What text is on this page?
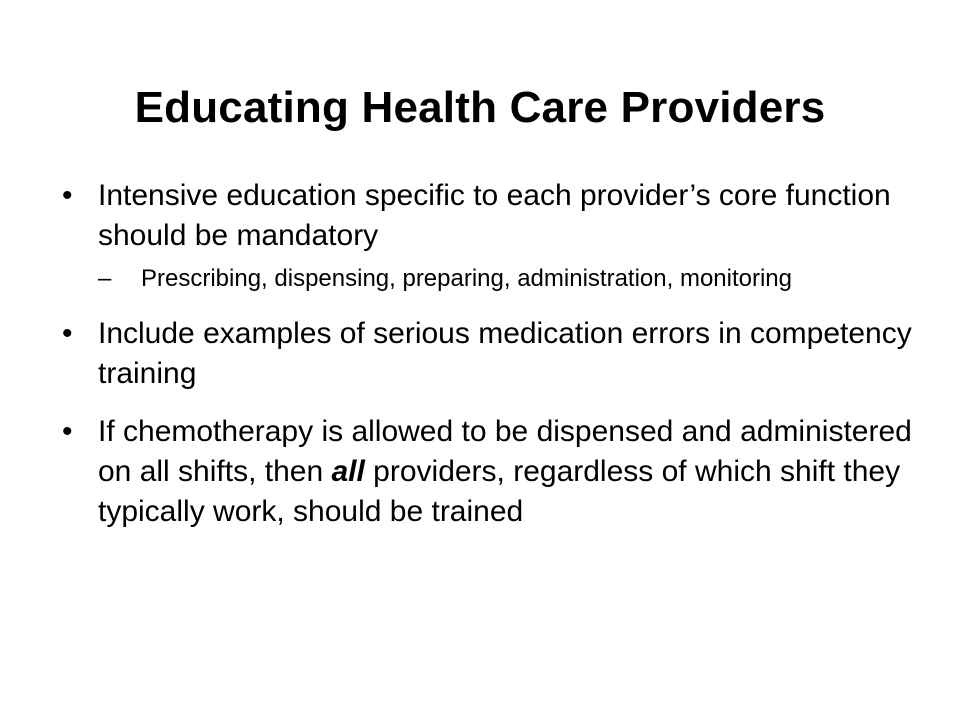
Educating Health Care Providers
• Intensive education specific to each provider’s core function should be mandatory
–	Prescribing, dispensing, preparing, administration, monitoring
• Include examples of serious medication errors in competency training
• If chemotherapy is allowed to be dispensed and administered on all shifts, then all providers, regardless of which shift they typically work, should be trained
